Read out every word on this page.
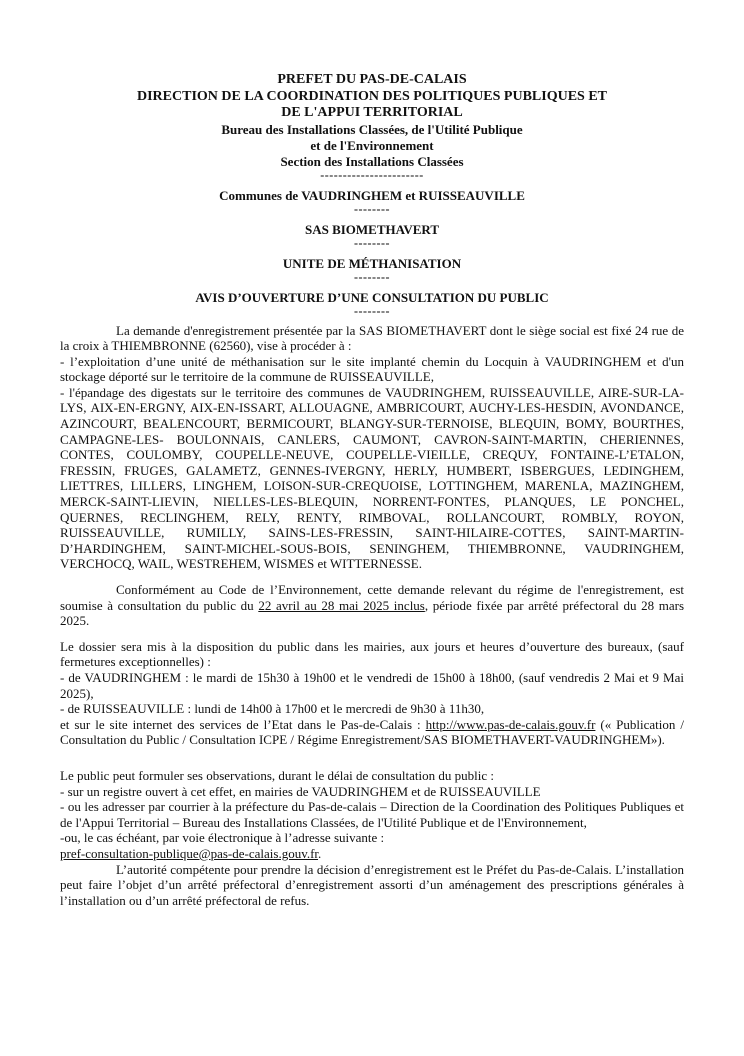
PREFET DU PAS-DE-CALAIS
DIRECTION DE LA COORDINATION DES POLITIQUES PUBLIQUES ET
DE L'APPUI TERRITORIAL
Bureau des Installations Classées, de l'Utilité Publique
et de l'Environnement
Section des Installations Classées
-----------------------
Communes de VAUDRINGHEM et RUISSEAUVILLE
--------
SAS BIOMETHAVERT
--------
UNITE DE MÉTHANISATION
--------
AVIS D’OUVERTURE D’UNE CONSULTATION DU PUBLIC
--------

La demande d'enregistrement présentée par la SAS BIOMETHAVERT dont le siège social est fixé 24 rue de la croix à THIEMBRONNE (62560), vise à procéder à :

- l’exploitation d’une unité de méthanisation sur le site implanté chemin du Locquin à VAUDRINGHEM et d'un stockage déporté sur le territoire de la commune de RUISSEAUVILLE,

- l'épandage des digestats sur le territoire des communes de VAUDRINGHEM, RUISSEAUVILLE, AIRE-SUR-LA-LYS, AIX-EN-ERGNY, AIX-EN-ISSART, ALLOUAGNE, AMBRICOURT, AUCHY-LES-HESDIN, AVONDANCE, AZINCOURT, BEALENCOURT, BERMICOURT, BLANGY-SUR-TERNOISE, BLEQUIN, BOMY, BOURTHES, CAMPAGNE-LES- BOULONNAIS, CANLERS, CAUMONT, CAVRON-SAINT-MARTIN, CHERIENNES, CONTES, COULOMBY, COUPELLE-NEUVE, COUPELLE-VIEILLE, CREQUY, FONTAINE-L’ETALON, FRESSIN, FRUGES, GALAMETZ, GENNES-IVERGNY, HERLY, HUMBERT, ISBERGUES, LEDINGHEM, LIETTRES, LILLERS, LINGHEM, LOISON-SUR-CREQUOISE, LOTTINGHEM, MARENLA, MAZINGHEM, MERCK-SAINT-LIEVIN, NIELLES-LES-BLEQUIN, NORRENT-FONTES, PLANQUES, LE PONCHEL, QUERNES, RECLINGHEM, RELY, RENTY, RIMBOVAL, ROLLANCOURT, ROMBLY, ROYON, RUISSEAUVILLE, RUMILLY, SAINS-LES-FRESSIN, SAINT-HILAIRE-COTTES, SAINT-MARTIN-D’HARDINGHEM, SAINT-MICHEL-SOUS-BOIS, SENINGHEM, THIEMBRONNE, VAUDRINGHEM, VERCHOCQ, WAIL, WESTREHEM, WISMES et WITTERNESSE.

Conformément au Code de l’Environnement, cette demande relevant du régime de l'enregistrement, est soumise à consultation du public du 22 avril au 28 mai 2025 inclus, période fixée par arrêté préfectoral du 28 mars 2025.

Le dossier sera mis à la disposition du public dans les mairies, aux jours et heures d’ouverture des bureaux, (sauf fermetures exceptionnelles) :

- de VAUDRINGHEM : le mardi de 15h30 à 19h00 et le vendredi de 15h00 à 18h00, (sauf vendredis 2 Mai et 9 Mai 2025),

- de RUISSEAUVILLE : lundi de 14h00 à 17h00 et le mercredi de 9h30 à 11h30,

et sur le site internet des services de l’Etat dans le Pas-de-Calais : http://www.pas-de-calais.gouv.fr (« Publication / Consultation du Public / Consultation ICPE / Régime Enregistrement/SAS BIOMETHAVERT-VAUDRINGHEM»).

Le public peut formuler ses observations, durant le délai de consultation du public :

- sur un registre ouvert à cet effet, en mairies de VAUDRINGHEM et de RUISSEAUVILLE

- ou les adresser par courrier à la préfecture du Pas-de-calais – Direction de la Coordination des Politiques Publiques et de l'Appui Territorial – Bureau des Installations Classées, de l'Utilité Publique et de l'Environnement,

-ou, le cas échéant, par voie électronique à l’adresse suivante :

pref-consultation-publique@pas-de-calais.gouv.fr.

L’autorité compétente pour prendre la décision d’enregistrement est le Préfet du Pas-de-Calais. L’installation peut faire l’objet d’un arrêté préfectoral d’enregistrement assorti d’un aménagement des prescriptions générales à l’installation ou d’un arrêté préfectoral de refus.
